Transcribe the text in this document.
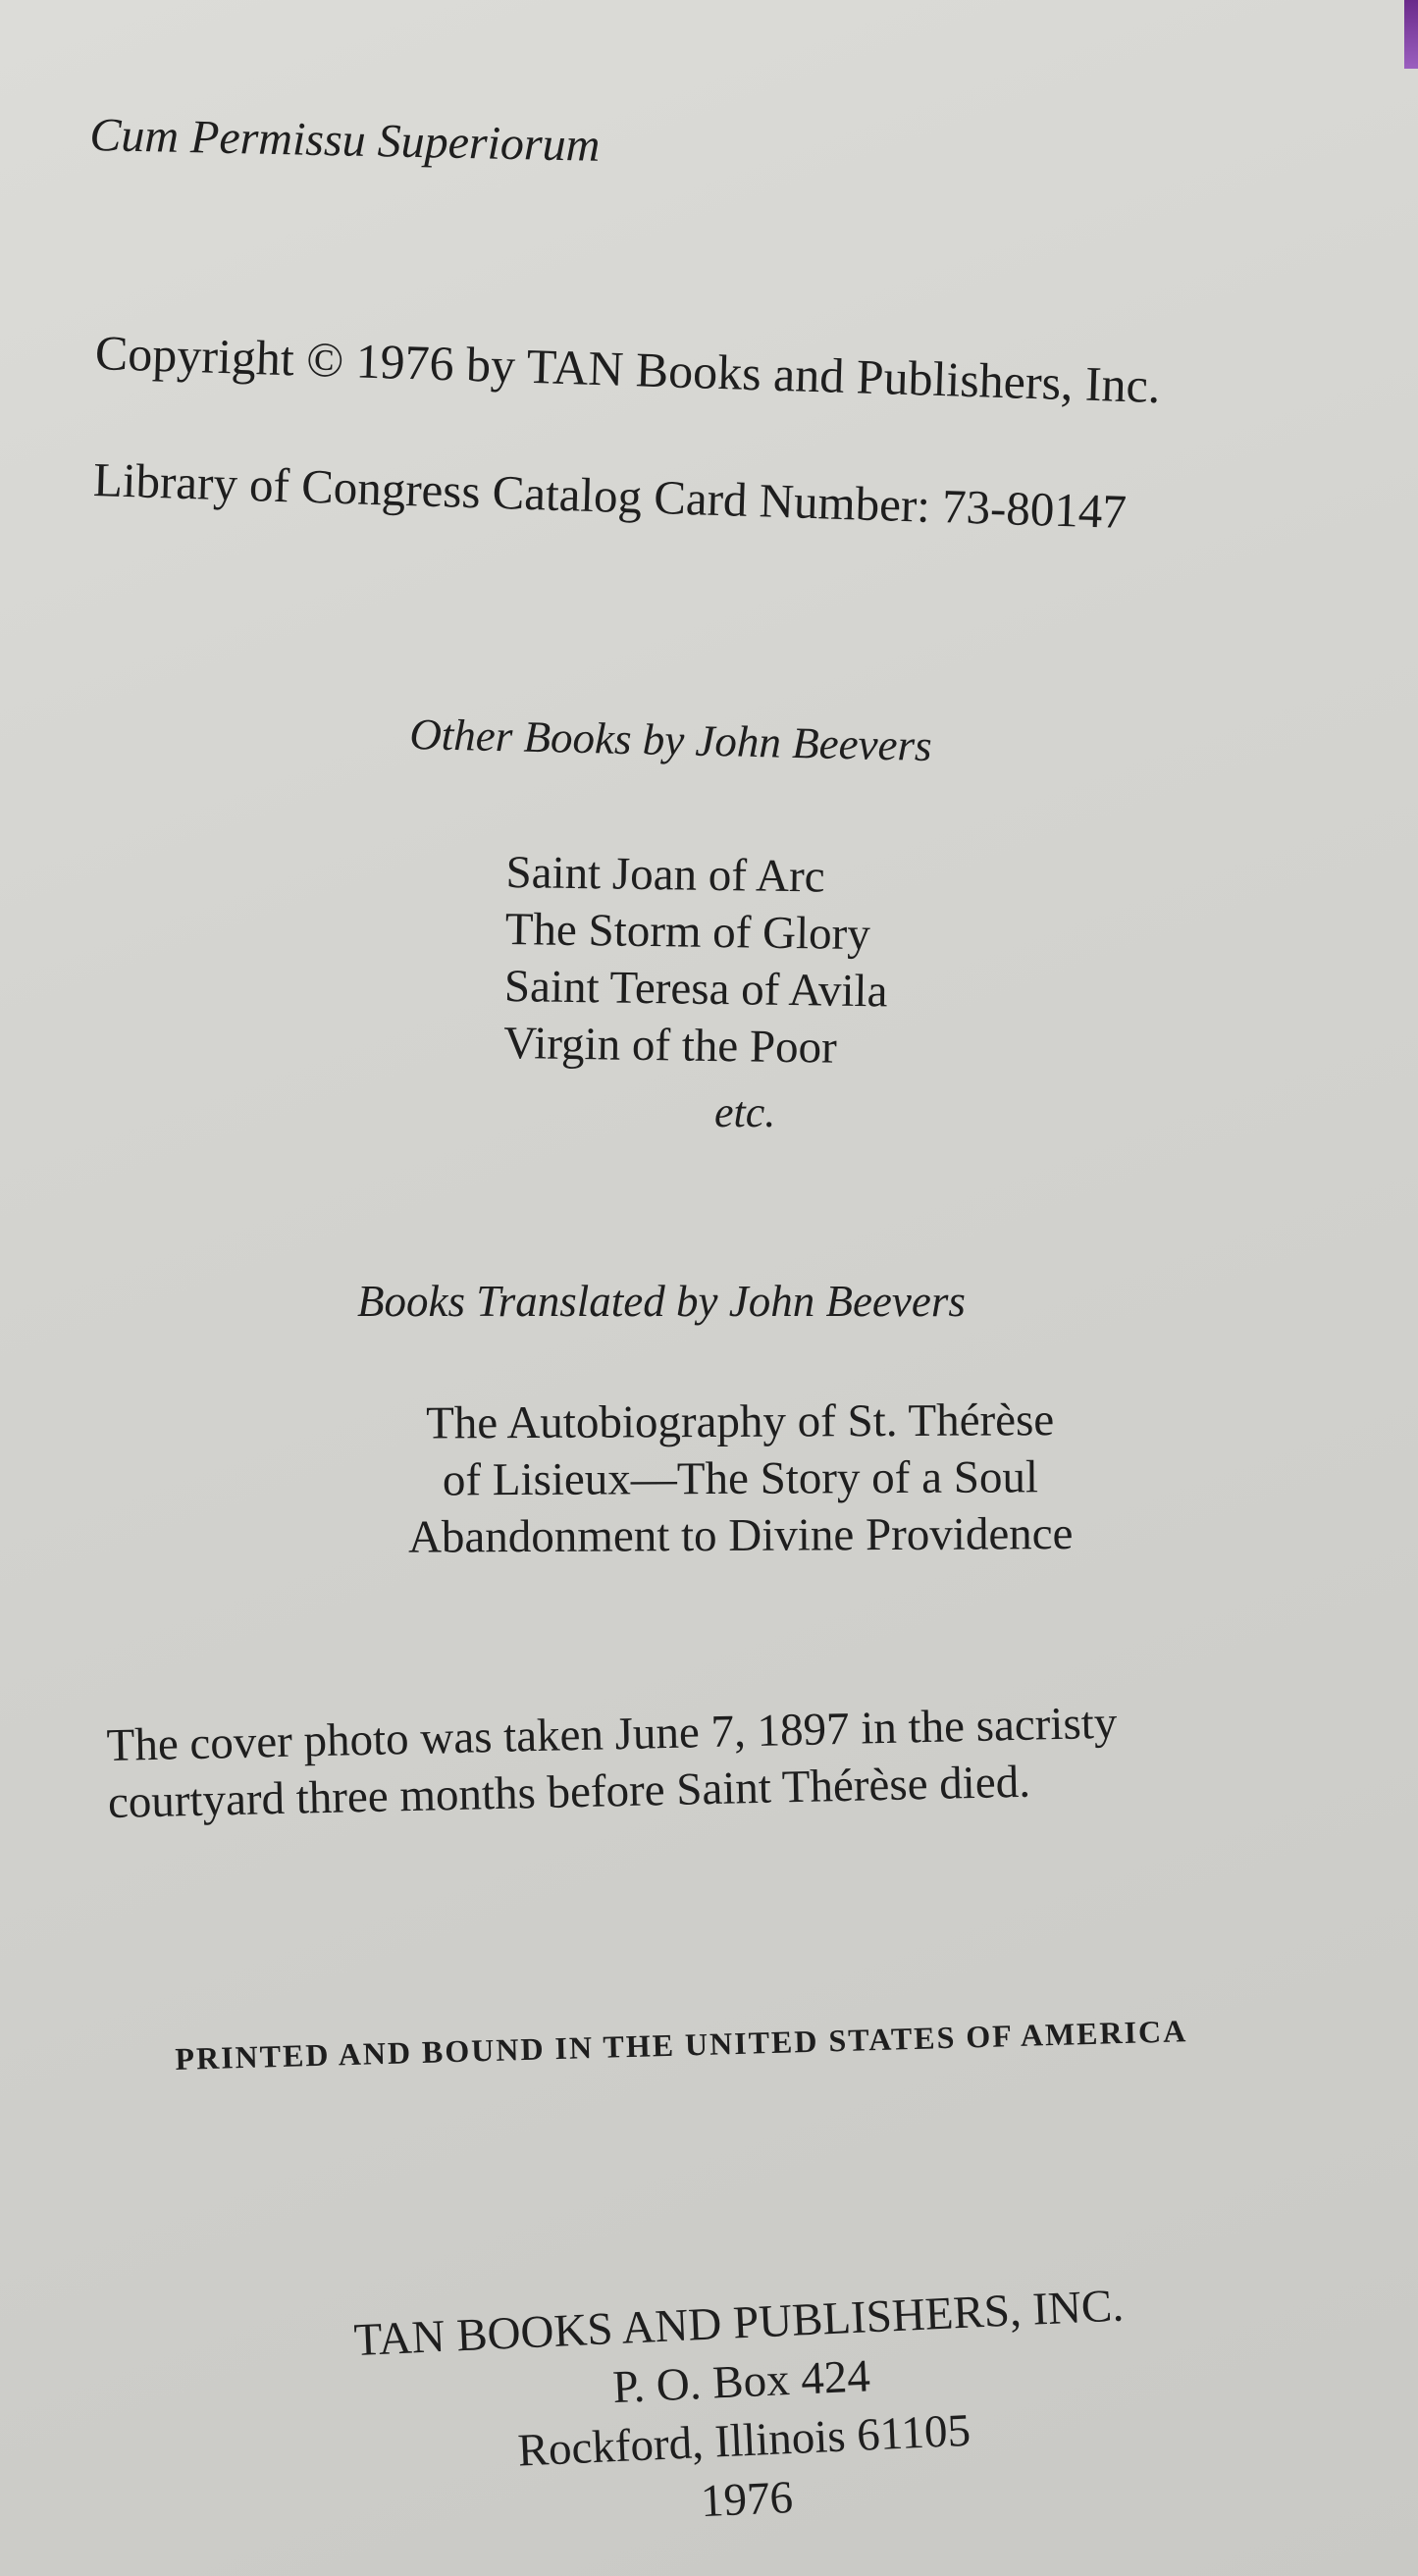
Cum Permissu Superiorum

Copyright © 1976 by TAN Books and Publishers, Inc.

Library of Congress Catalog Card Number: 73-80147

Other Books by John Beevers

Saint Joan of Arc
The Storm of Glory
Saint Teresa of Avila
Virgin of the Poor

etc.

Books Translated by John Beevers

The Autobiography of St. Thérèse
of Lisieux—The Story of a Soul
Abandonment to Divine Providence
The cover photo was taken June 7, 1897 in the sacristy
courtyard three months before Saint Thérèse died.

PRINTED AND BOUND IN THE UNITED STATES OF AMERICA

TAN BOOKS AND PUBLISHERS, INC.
P. O. Box 424
Rockford, Illinois 61105
1976
